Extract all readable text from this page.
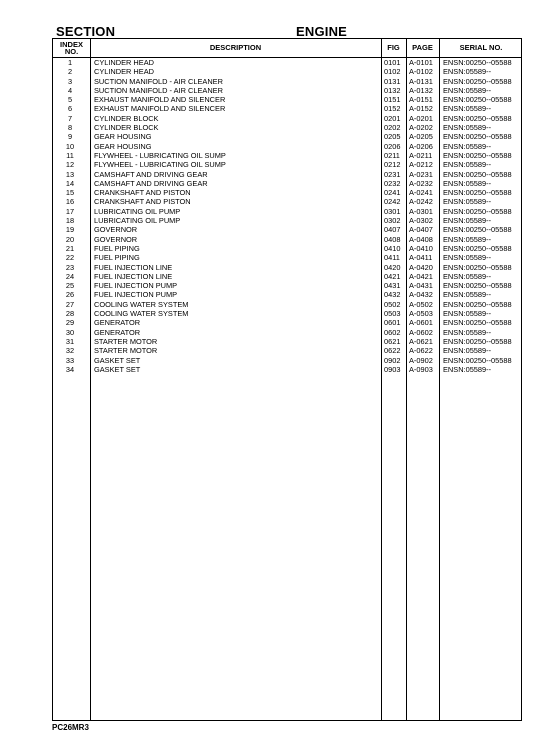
SECTION	ENGINE
INDEX NO.	DESCRIPTION	FIG	PAGE	SERIAL NO.
1	CYLINDER HEAD	0101 A-0101 ENSN:00250--05588
2	CYLINDER HEAD	0102 A-0102 ENSN:05589--
3	SUCTION MANIFOLD - AIR CLEANER	0131 A-0131 ENSN:00250--05588
4	SUCTION MANIFOLD - AIR CLEANER	0132 A-0132 ENSN:05589--
5	EXHAUST MANIFOLD AND SILENCER	0151 A-0151 ENSN:00250--05588
6	EXHAUST MANIFOLD AND SILENCER	0152 A-0152 ENSN:05589--
7	CYLINDER BLOCK	0201 A-0201 ENSN:00250--05588
8	CYLINDER BLOCK	0202 A-0202 ENSN:05589--
9	GEAR HOUSING	0205 A-0205 ENSN:00250--05588
10	GEAR HOUSING	0206 A-0206 ENSN:05589--
11	FLYWHEEL - LUBRICATING OIL SUMP	0211 A-0211 ENSN:00250--05588
12	FLYWHEEL - LUBRICATING OIL SUMP	0212 A-0212 ENSN:05589--
13	CAMSHAFT AND DRIVING GEAR	0231 A-0231 ENSN:00250--05588
14	CAMSHAFT AND DRIVING GEAR	0232 A-0232 ENSN:05589--
15	CRANKSHAFT AND PISTON	0241 A-0241 ENSN:00250--05588
16	CRANKSHAFT AND PISTON	0242 A-0242 ENSN:05589--
17	LUBRICATING OIL PUMP	0301 A-0301 ENSN:00250--05588
18	LUBRICATING OIL PUMP	0302 A-0302 ENSN:05589--
19	GOVERNOR	0407 A-0407 ENSN:00250--05588
20	GOVERNOR	0408 A-0408 ENSN:05589--
21	FUEL PIPING	0410 A-0410 ENSN:00250--05588
22	FUEL PIPING	0411 A-0411 ENSN:05589--
23	FUEL INJECTION LINE	0420 A-0420 ENSN:00250--05588
24	FUEL INJECTION LINE	0421 A-0421 ENSN:05589--
25	FUEL INJECTION PUMP	0431 A-0431 ENSN:00250--05588
26	FUEL INJECTION PUMP	0432 A-0432 ENSN:05589--
27	COOLING WATER SYSTEM	0502 A-0502 ENSN:00250--05588
28	COOLING WATER SYSTEM	0503 A-0503 ENSN:05589--
29	GENERATOR	0601 A-0601 ENSN:00250--05588
30	GENERATOR	0602 A-0602 ENSN:05589--
31	STARTER MOTOR	0621 A-0621 ENSN:00250--05588
32	STARTER MOTOR	0622 A-0622 ENSN:05589--
33	GASKET SET	0902 A-0902 ENSN:00250--05588
34	GASKET SET	0903 A-0903 ENSN:05589--
PC26MR3
